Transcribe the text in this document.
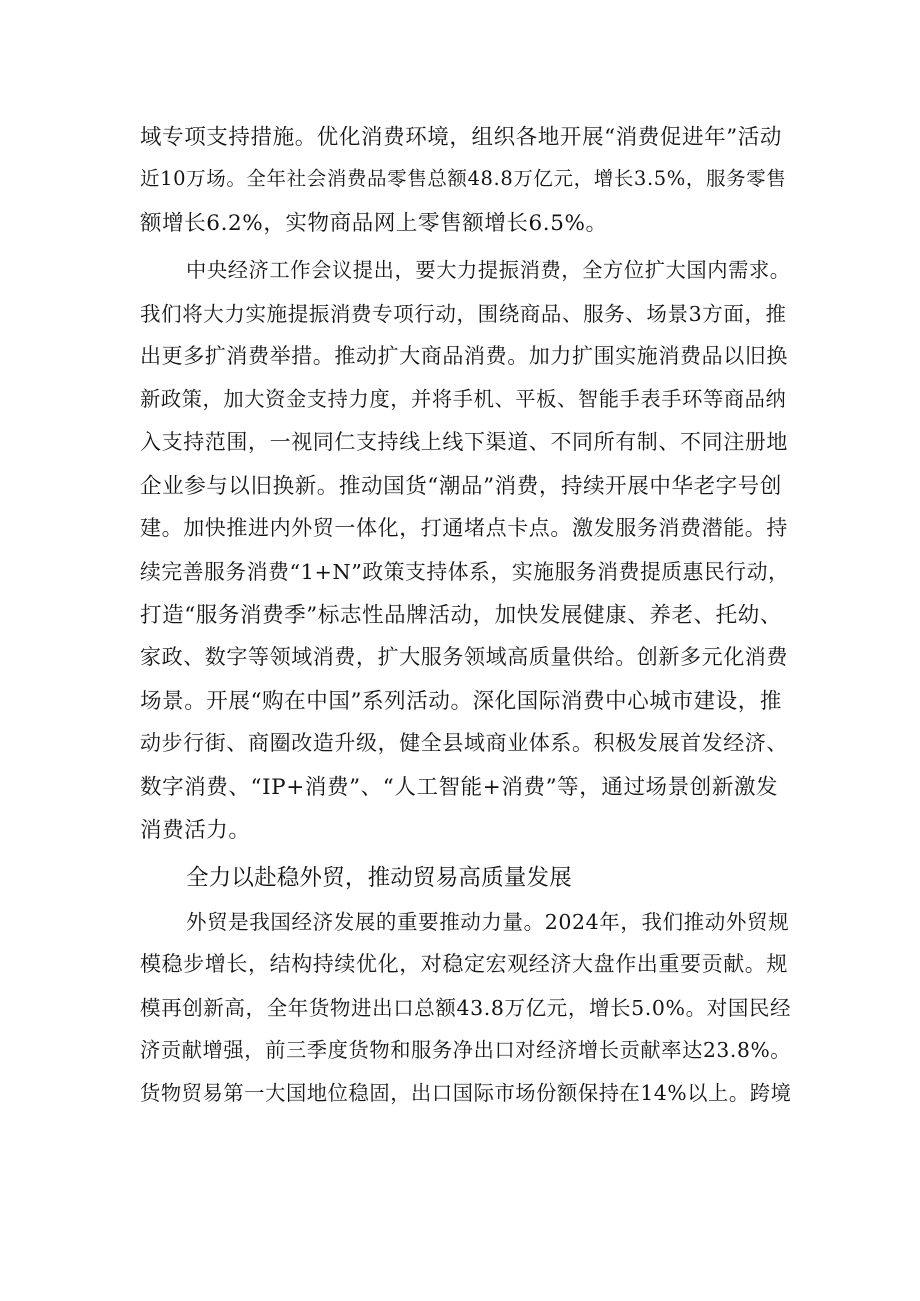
域专项支持措施。优化消费环境，组织各地开展“消费促进年”活动
近10万场。全年社会消费品零售总额48.8万亿元，增长3.5%，服务零售
额增长6.2%，实物商品网上零售额增长6.5%。
中央经济工作会议提出，要大力提振消费，全方位扩大国内需求。
我们将大力实施提振消费专项行动，围绕商品、服务、场景3方面，推
出更多扩消费举措。推动扩大商品消费。加力扩围实施消费品以旧换
新政策，加大资金支持力度，并将手机、平板、智能手表手环等商品纳
入支持范围，一视同仁支持线上线下渠道、不同所有制、不同注册地
企业参与以旧换新。推动国货“潮品”消费，持续开展中华老字号创
建。加快推进内外贸一体化，打通堵点卡点。激发服务消费潜能。持
续完善服务消费“1+N”政策支持体系，实施服务消费提质惠民行动，
打造“服务消费季”标志性品牌活动，加快发展健康、养老、托幼、
家政、数字等领域消费，扩大服务领域高质量供给。创新多元化消费
场景。开展“购在中国”系列活动。深化国际消费中心城市建设，推
动步行街、商圈改造升级，健全县域商业体系。积极发展首发经济、
数字消费、“IP+消费”、“人工智能+消费”等，通过场景创新激发
消费活力。
全力以赴稳外贸，推动贸易高质量发展
外贸是我国经济发展的重要推动力量。2024年，我们推动外贸规
模稳步增长，结构持续优化，对稳定宏观经济大盘作出重要贡献。规
模再创新高，全年货物进出口总额43.8万亿元，增长5.0%。对国民经
济贡献增强，前三季度货物和服务净出口对经济增长贡献率达23.8%。
货物贸易第一大国地位稳固，出口国际市场份额保持在14%以上。跨境
